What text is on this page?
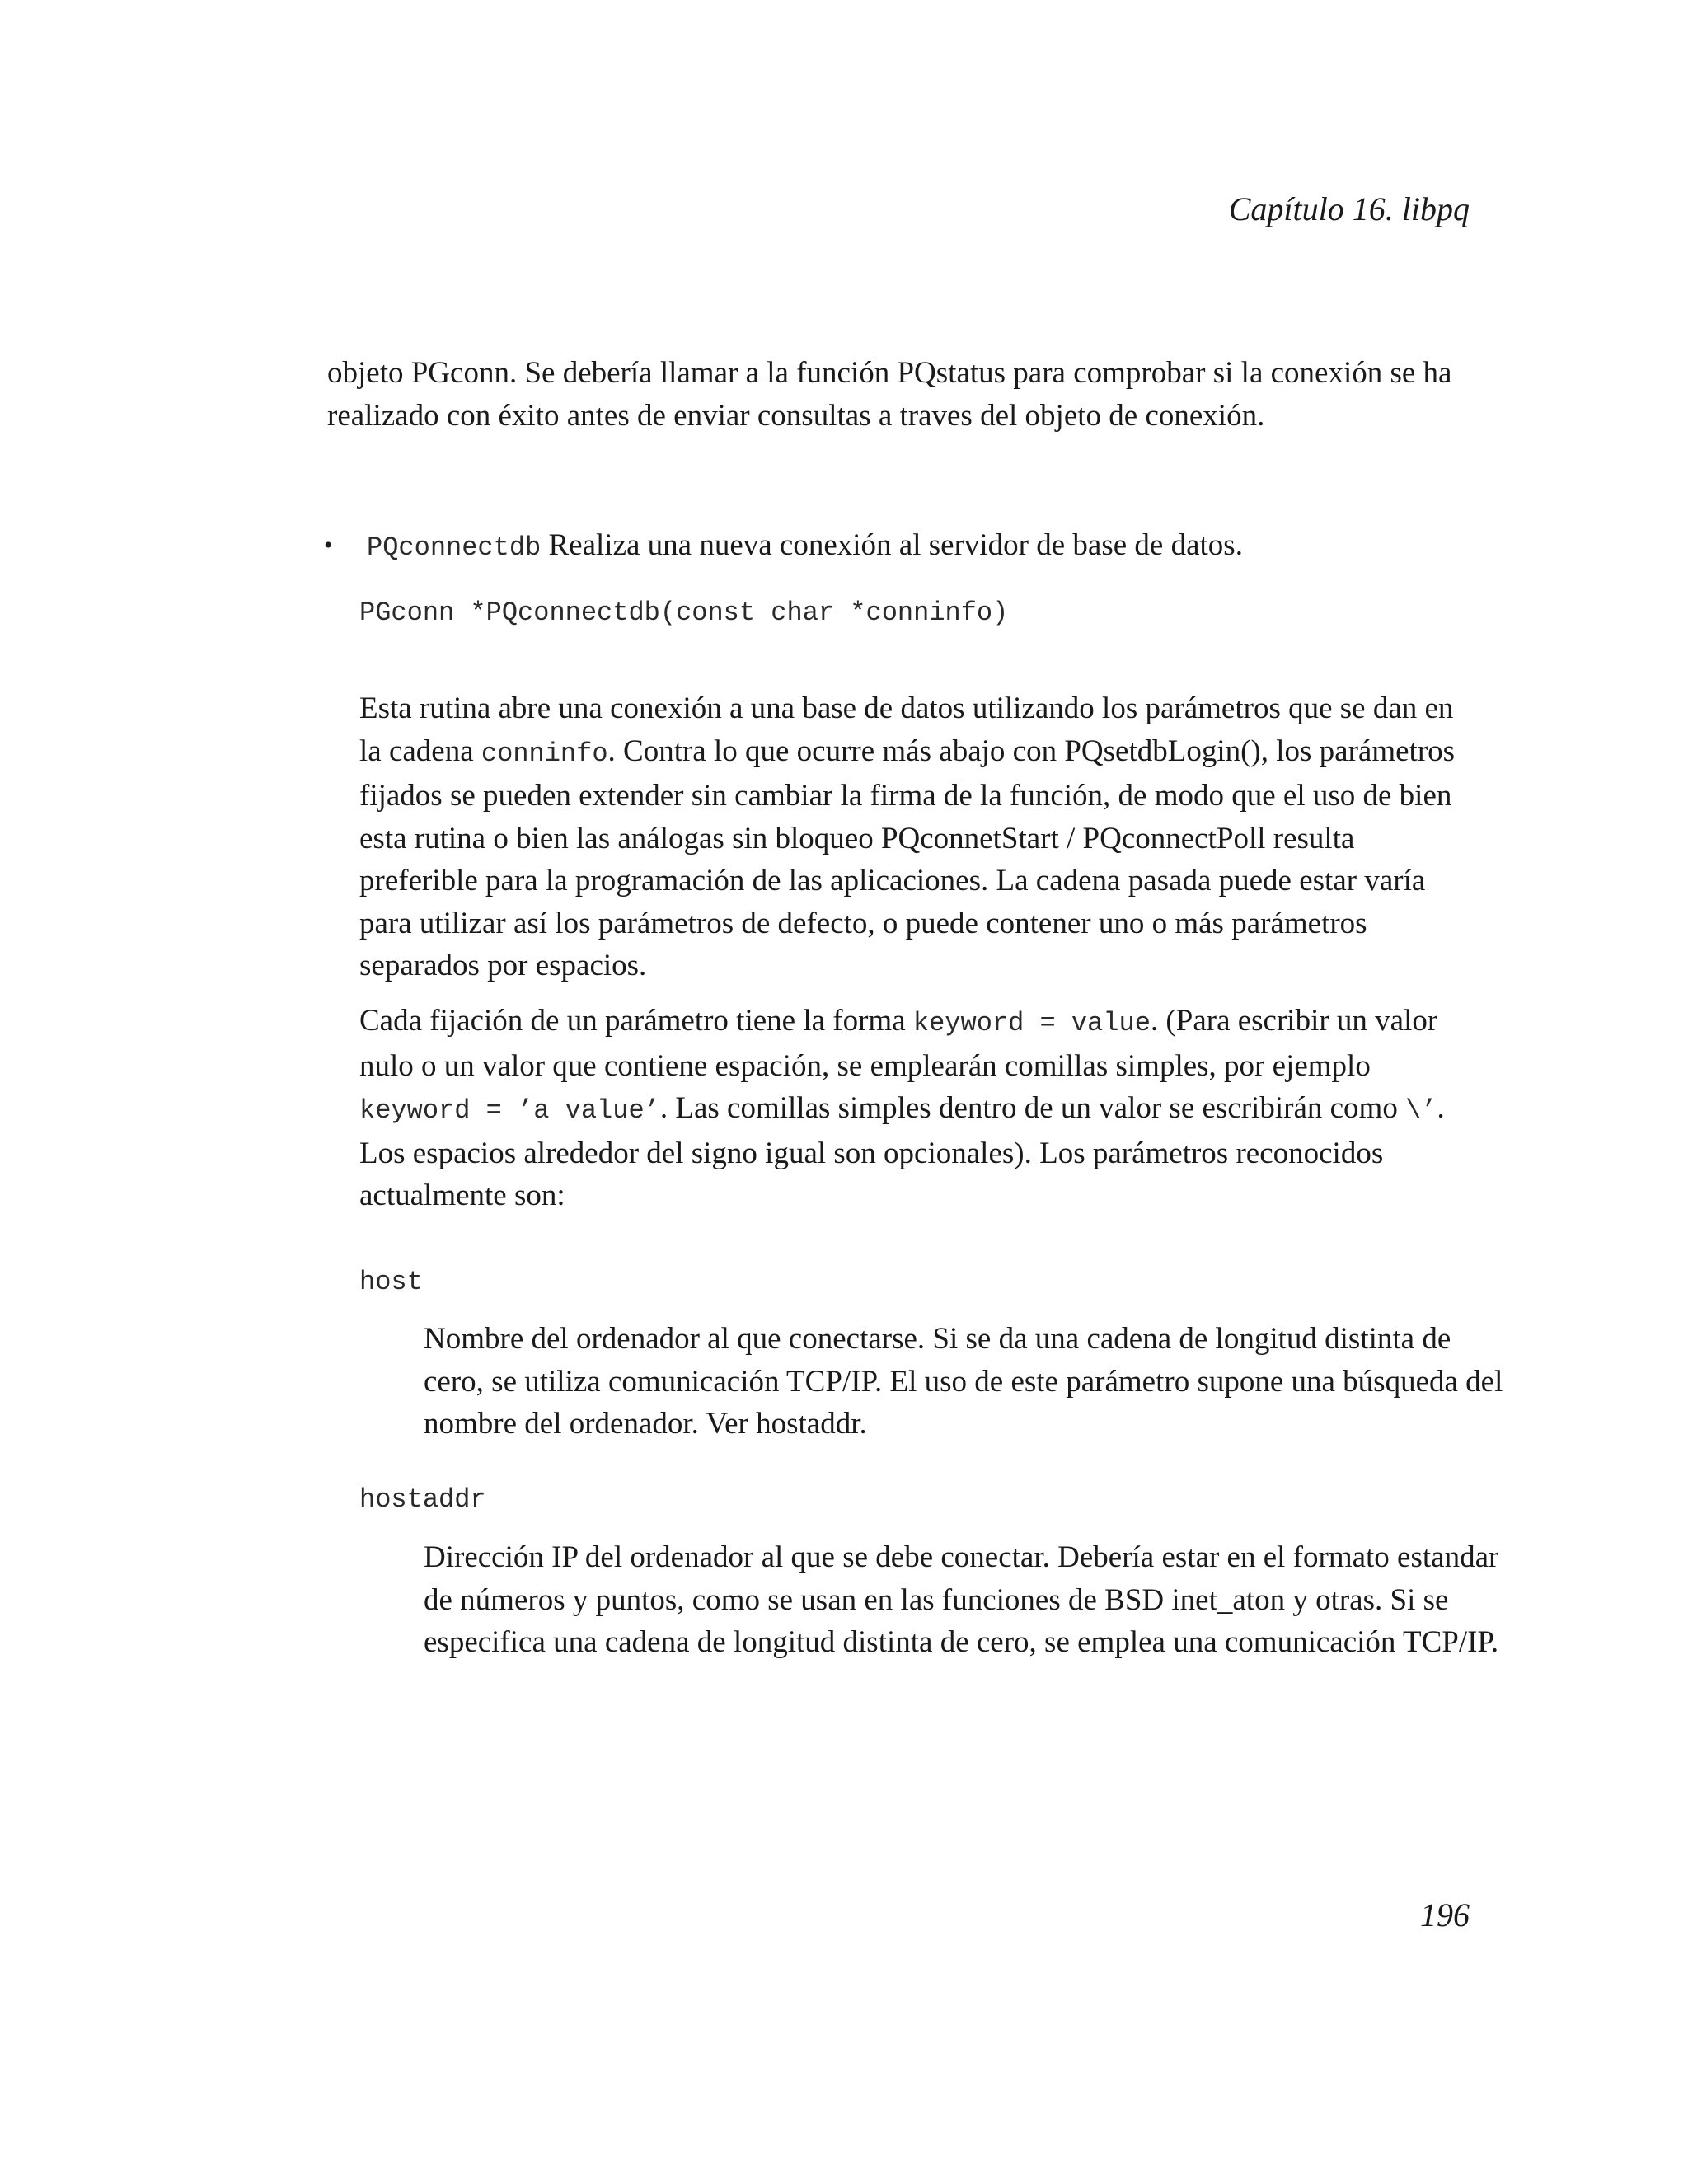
Capítulo 16. libpq

objeto PGconn. Se debería llamar a la función PQstatus para comprobar si la conexión se ha realizado con éxito antes de enviar consultas a traves del objeto de conexión.

• PQconnectdb Realiza una nueva conexión al servidor de base de datos.
PGconn *PQconnectdb(const char *conninfo)

Esta rutina abre una conexión a una base de datos utilizando los parámetros que se dan en la cadena conninfo. Contra lo que ocurre más abajo con PQsetdbLogin(), los parámetros fijados se pueden extender sin cambiar la firma de la función, de modo que el uso de bien esta rutina o bien las análogas sin bloqueo PQconnetStart / PQconnectPoll resulta preferible para la programación de las aplicaciones. La cadena pasada puede estar varía para utilizar así los parámetros de defecto, o puede contener uno o más parámetros separados por espacios.

Cada fijación de un parámetro tiene la forma keyword = value. (Para escribir un valor nulo o un valor que contiene espación, se emplearán comillas simples, por ejemplo keyword = ’a value’. Las comillas simples dentro de un valor se escribirán como \’. Los espacios alrededor del signo igual son opcionales). Los parámetros reconocidos actualmente son:

host

Nombre del ordenador al que conectarse. Si se da una cadena de longitud distinta de cero, se utiliza comunicación TCP/IP. El uso de este parámetro supone una búsqueda del nombre del ordenador. Ver hostaddr.

hostaddr

Dirección IP del ordenador al que se debe conectar. Debería estar en el formato estandar de números y puntos, como se usan en las funciones de BSD inet_aton y otras. Si se especifica una cadena de longitud distinta de cero, se emplea una comunicación TCP/IP.

196
